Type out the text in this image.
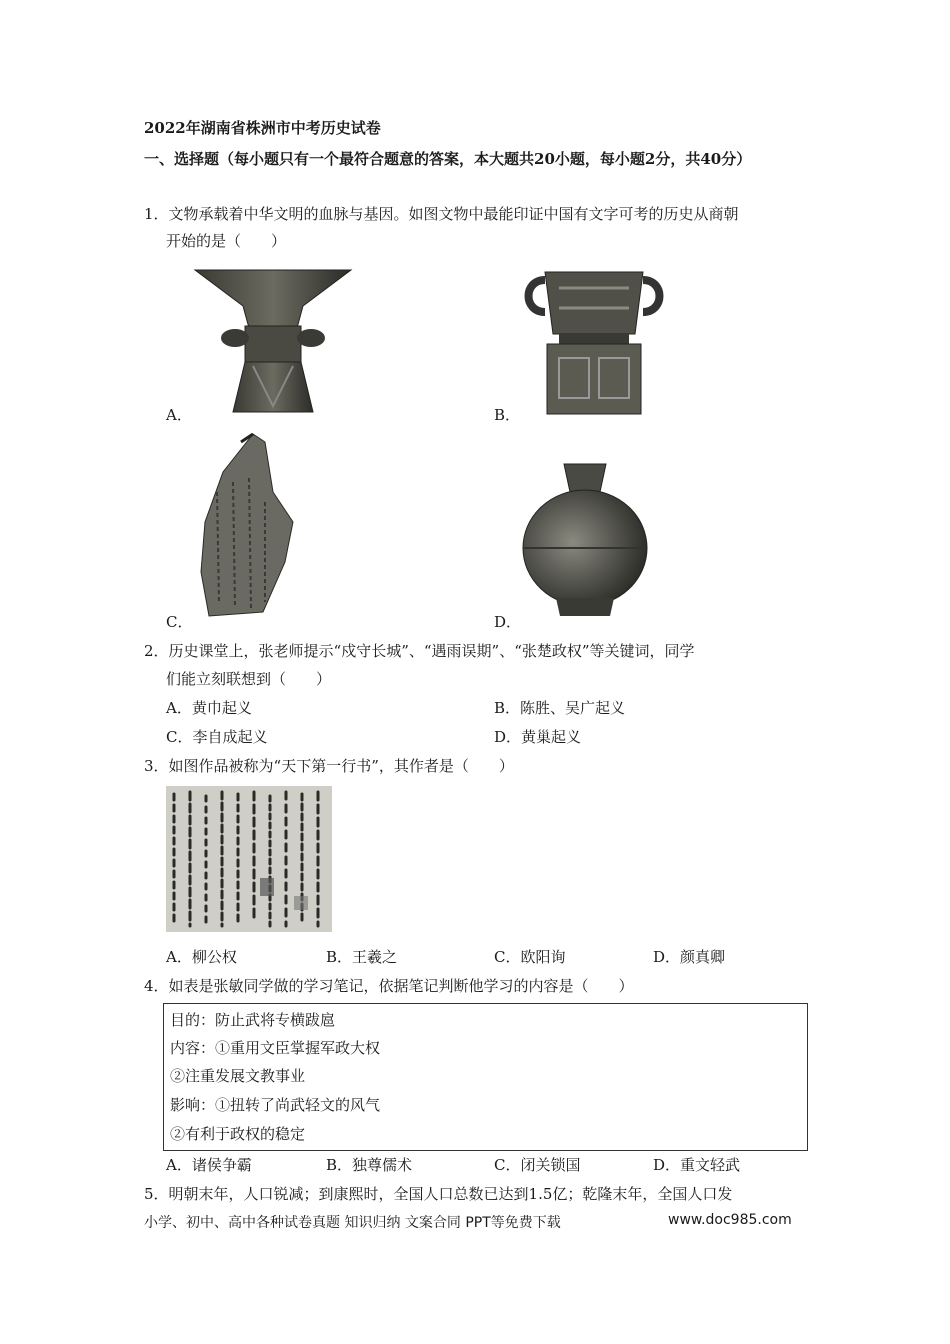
2022年湖南省株洲市中考历史试卷
一、选择题（每小题只有一个最符合题意的答案，本大题共20小题，每小题2分，共40分）
1．文物承载着中华文明的血脉与基因。如图文物中最能印证中国有文字可考的历史从商朝
开始的是（　　）
A．	B．
C．	D．
2．历史课堂上，张老师提示“戍守长城”、“遇雨误期”、“张楚政权”等关键词，同学
们能立刻联想到（　　）
A．黄巾起义	B．陈胜、吴广起义
C．李自成起义	D．黄巢起义
3．如图作品被称为“天下第一行书”，其作者是（　　）
A．柳公权	B．王羲之	C．欧阳询	D．颜真卿
4．如表是张敏同学做的学习笔记，依据笔记判断他学习的内容是（　　）
目的：防止武将专横跋扈
内容：①重用文臣掌握军政大权
②注重发展文教事业
影响：①扭转了尚武轻文的风气
②有利于政权的稳定
A．诸侯争霸	B．独尊儒术	C．闭关锁国	D．重文轻武
5．明朝末年，人口锐减；到康熙时，全国人口总数已达到1.5亿；乾隆末年，全国人口发
小学、初中、高中各种试卷真题 知识归纳 文案合同 PPT等免费下载	www.doc985.com
